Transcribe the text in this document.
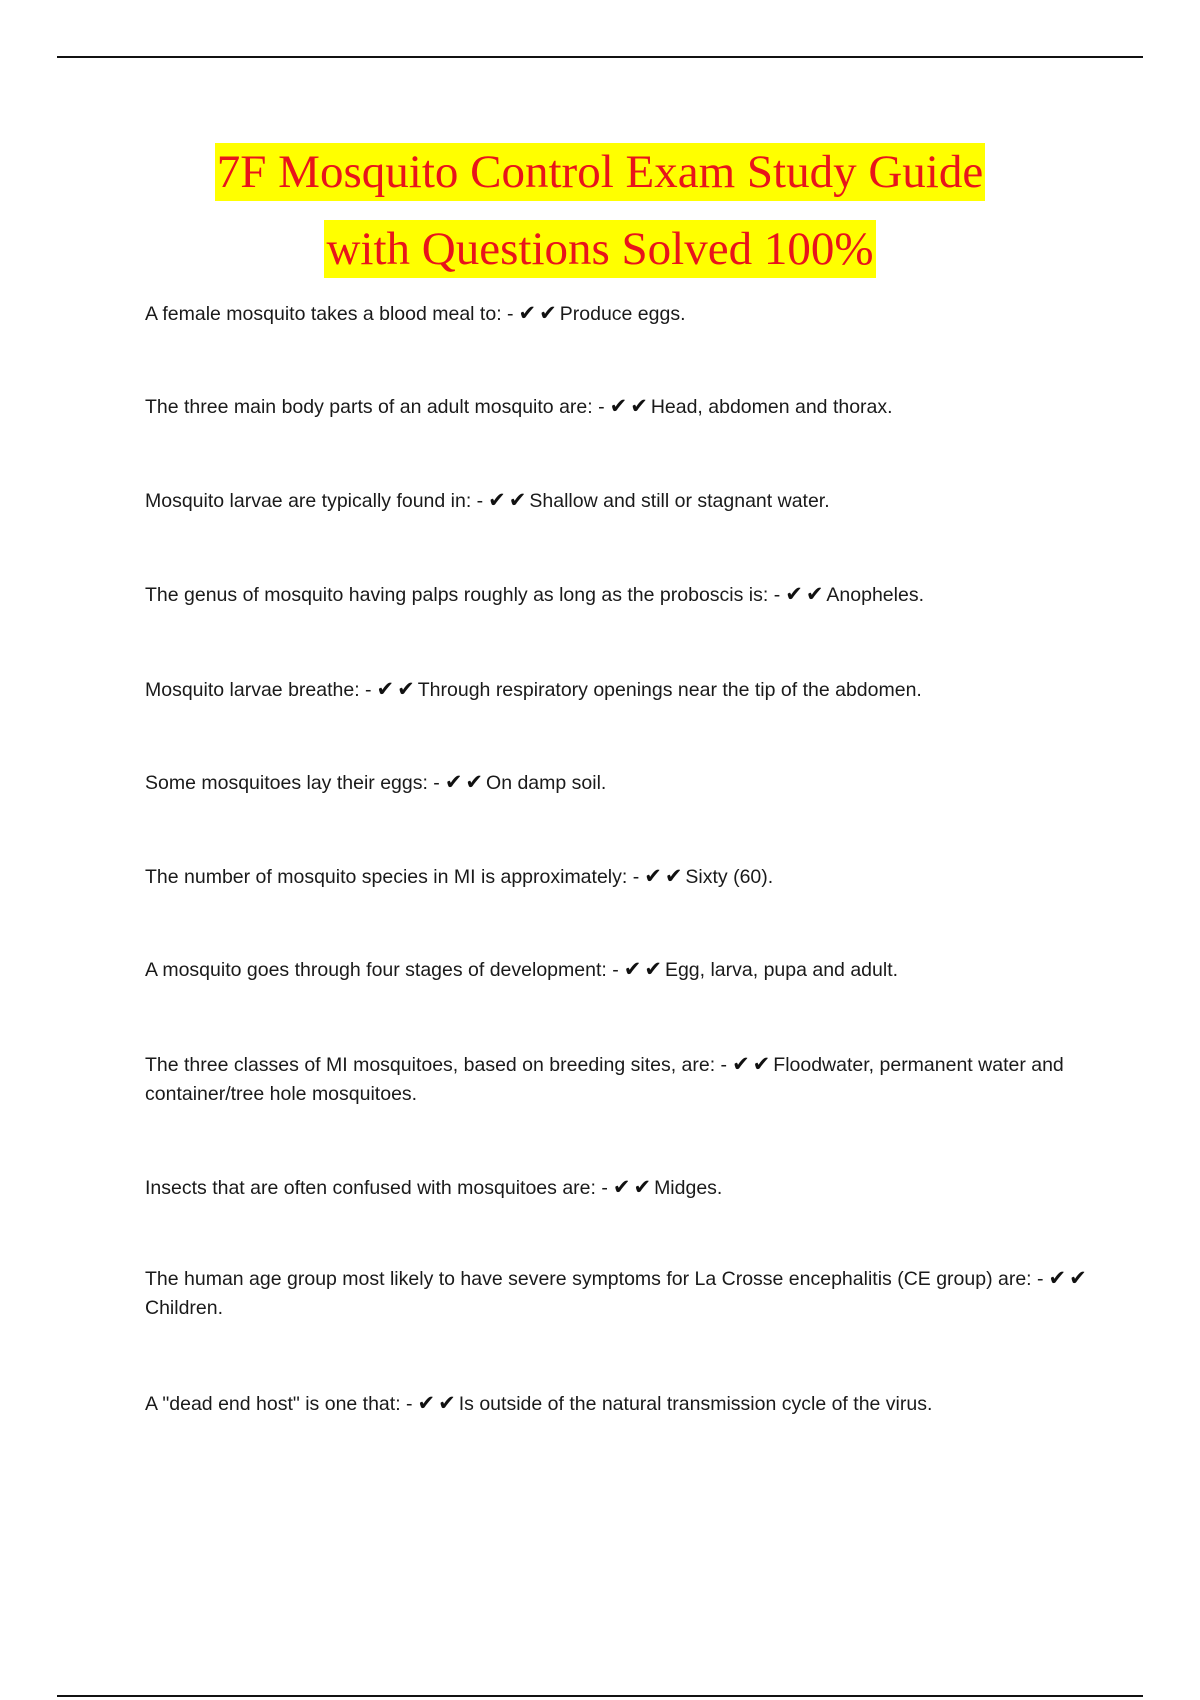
7F Mosquito Control Exam Study Guide
with Questions Solved 100%
A female mosquito takes a blood meal to: - ✔ ✔ Produce eggs.
The three main body parts of an adult mosquito are: - ✔ ✔ Head, abdomen and thorax.
Mosquito larvae are typically found in: - ✔ ✔ Shallow and still or stagnant water.
The genus of mosquito having palps roughly as long as the proboscis is: - ✔ ✔ Anopheles.
Mosquito larvae breathe: - ✔ ✔ Through respiratory openings near the tip of the abdomen.
Some mosquitoes lay their eggs: - ✔ ✔ On damp soil.
The number of mosquito species in MI is approximately: - ✔ ✔ Sixty (60).
A mosquito goes through four stages of development: - ✔ ✔ Egg, larva, pupa and adult.
The three classes of MI mosquitoes, based on breeding sites, are: - ✔ ✔ Floodwater, permanent water and container/tree hole mosquitoes.
Insects that are often confused with mosquitoes are: - ✔ ✔ Midges.
The human age group most likely to have severe symptoms for La Crosse encephalitis (CE group) are: - ✔ ✔Children.
A "dead end host" is one that: - ✔ ✔ Is outside of the natural transmission cycle of the virus.
